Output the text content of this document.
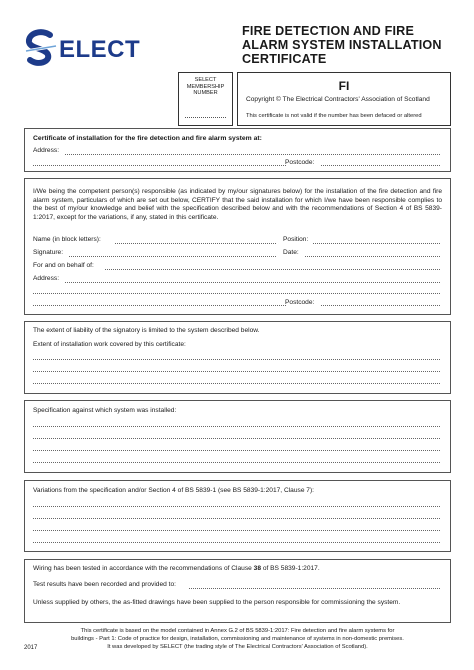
ELECT
FIRE DETECTION AND FIRE
ALARM SYSTEM INSTALLATION
CERTIFICATE
SELECT
MEMBERSHIP
NUMBER	FI
Copyright © The Electrical Contractors' Association of Scotland
This certificate is not valid if the number has been defaced or altered
Certificate of installation for the fire detection and fire alarm system at:
Address:
Postcode:
I/We being the competent person(s) responsible (as indicated by my/our signatures below) for the installation of the fire detection and fire alarm system, particulars of which are set out below, CERTIFY that the said installation for which I/we have been responsible complies to the best of my/our knowledge and belief with the specification described below and with the recommendations of Section 4 of BS 5839-1:2017, except for the variations, if any, stated in this certificate.
Name (in block letters):	Position:
Signature:	Date:
For and on behalf of:
Address:
Postcode:
The extent of liability of the signatory is limited to the system described below.
Extent of installation work covered by this certificate:
Specification against which system was installed:
Variations from the specification and/or Section 4 of BS 5839-1 (see BS 5839-1:2017, Clause 7):
Wiring has been tested in accordance with the recommendations of Clause 38 of BS 5839-1:2017.
Test results have been recorded and provided to:
Unless supplied by others, the as-fitted drawings have been supplied to the person responsible for commissioning the system.
This certificate is based on the model contained in Annex G.2 of BS 5839-1:2017: Fire detection and fire alarm systems for
buildings - Part 1: Code of practice for design, installation, commissioning and maintenance of systems in non-domestic premises.
It was developed by SELECT (the trading style of The Electrical Contractors' Association of Scotland).
2017
